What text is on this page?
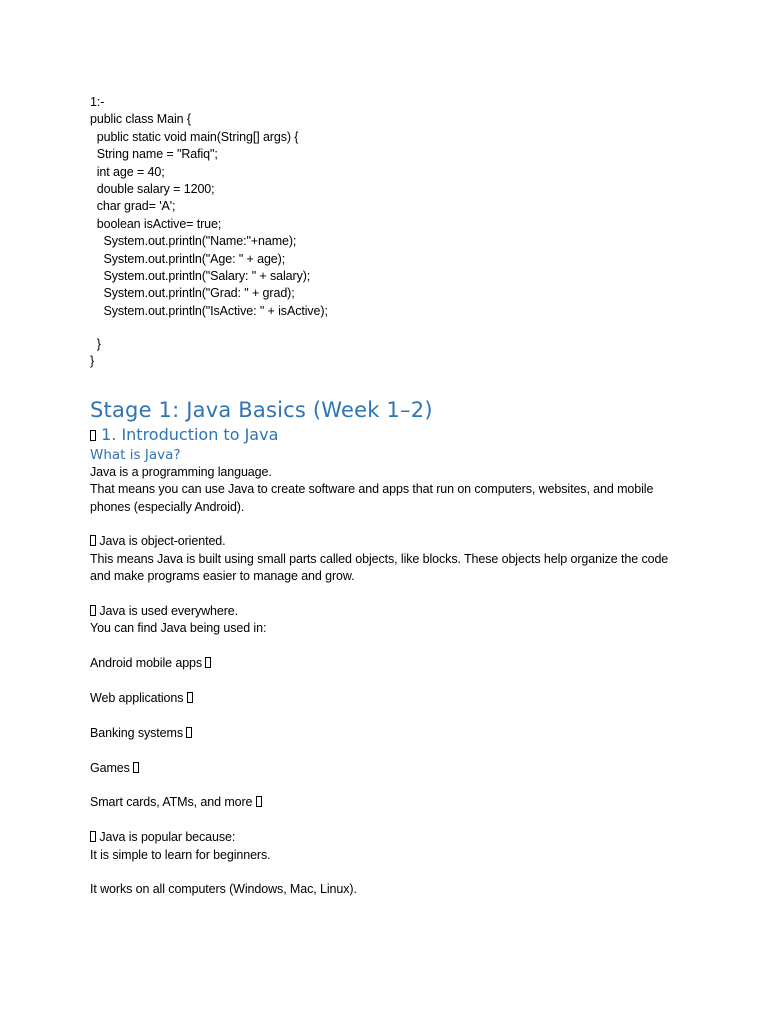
1:-
public class Main {
public static void main(String[] args) {
String name = "Rafiq";
int age = 40;
double salary = 1200;
char grad= 'A';
boolean isActive= true;
System.out.println("Name:"+name);
System.out.println("Age: " + age);
System.out.println("Salary: " + salary);
System.out.println("Grad: " + grad);
System.out.println("IsActive: " + isActive);
}
}
Stage 1: Java Basics (Week 1–2)
1. Introduction to Java
What is Java?
Java is a programming language.
That means you can use Java to create software and apps that run on computers, websites, and mobile phones (especially Android).
Java is object-oriented.
This means Java is built using small parts called objects, like blocks. These objects help organize the code and make programs easier to manage and grow.
Java is used everywhere.
You can find Java being used in:
Android mobile apps
Web applications
Banking systems
Games
Smart cards, ATMs, and more
Java is popular because:
It is simple to learn for beginners.
It works on all computers (Windows, Mac, Linux).
